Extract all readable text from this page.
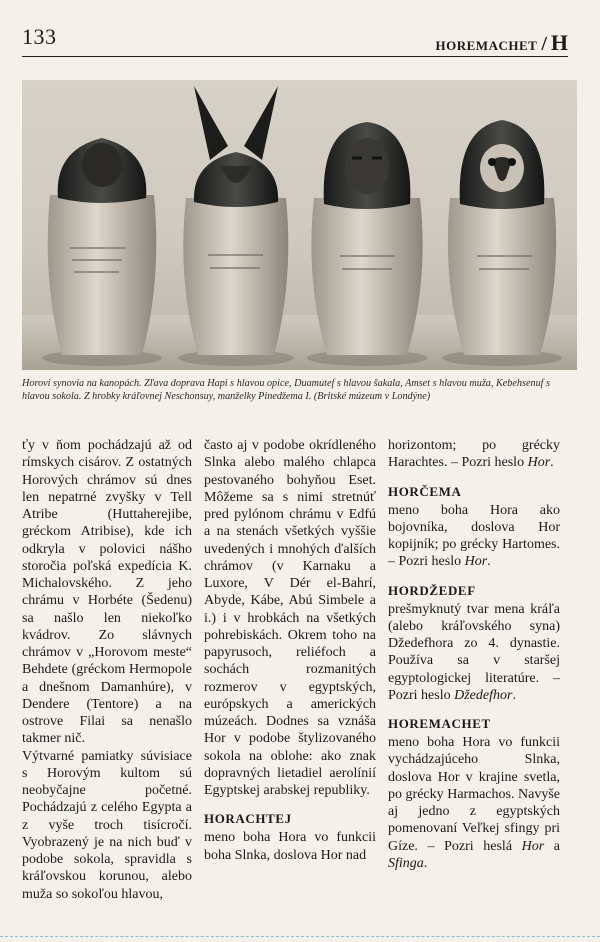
133	HOREMACHET / H
Horovi synovia na kanopách. Zľava doprava Hapi s hlavou opice, Duamutef s hlavou šakala, Amset s hlavou muža, Kebehsenuf s hlavou sokola. Z hrobky kráľovnej Neschonsuy, manželky Pinedžema I. (Britské múzeum v Londýne)

ťy v ňom pochádzajú až od rímskych cisárov. Z ostatných Horových chrámov sú dnes len nepatrné zvyšky v Tell Atribe (Huttaherejibe, gréckom Atribise), kde ich odkryla v polovici nášho storočia poľská expedícia K. Michalovského. Z jeho chrámu v Horbéte (Šedenu) sa našlo len niekoľko kvádrov. Zo slávnych chrámov v „Horovom meste“ Behdete (gréckom Hermopole a dnešnom Damanhúre), v Dendere (Tentore) a na ostrove Filai sa nenašlo takmer nič.

Výtvarné pamiatky súvisiace s Horovým kultom sú neobyčajne početné. Pochádzajú z celého Egypta a z vyše troch tisícročí. Vyobrazený je na nich buď v podobe sokola, spravidla s kráľovskou korunou, alebo muža so sokoľou hlavou,

často aj v podobe okrídleného Slnka alebo malého chlapca pestovaného bohyňou Eset. Môžeme sa s nimi stretnúť pred pylónom chrámu v Edfú a na stenách všetkých vyššie uvedených i mnohých ďalších chrámov (v Karnaku a Luxore, V Dér el-Bahrí, Abyde, Kábe, Abú Simbele a i.) i v hrobkách na všetkých pohrebiskách. Okrem toho na papyrusoch, reliéfoch a sochách rozmanitých rozmerov v egyptských, európskych a amerických múzeách. Dodnes sa vznáša Hor v podobe štylizovaného sokola na oblohe: ako znak dopravných lietadiel aerolínií Egyptskej arabskej republiky.

HORACHTEJ

meno boha Hora vo funkcii boha Slnka, doslova Hor nad

horizontom; po grécky Harachtes. – Pozri heslo Hor.

HORČEMA

meno boha Hora ako bojovníka, doslova Hor kopijník; po grécky Hartomes. – Pozri heslo Hor.

HORDŽEDEF

prešmyknutý tvar mena kráľa (alebo kráľovského syna) Džedefhora zo 4. dynastie. Používa sa v staršej egyptologickej literatúre. – Pozri heslo Džedefhor.

HOREMACHET

meno boha Hora vo funkcii vychádzajúceho Slnka, doslova Hor v krajine svetla, po grécky Harmachos. Navyše aj jedno z egyptských pomenovaní Veľkej sfingy pri Gíze. – Pozri heslá Hor a Sfinga.
